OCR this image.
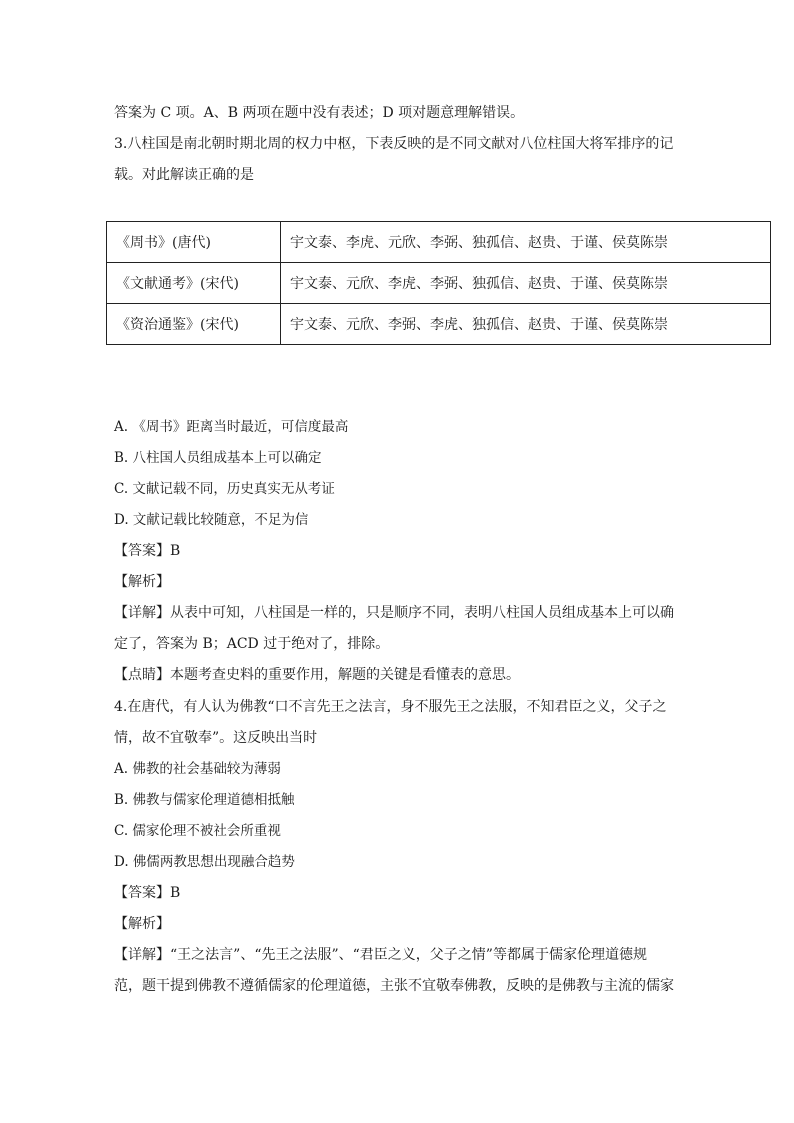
答案为 C 项。A、B 两项在题中没有表述；D 项对题意理解错误。
3.八柱国是南北朝时期北周的权力中枢，下表反映的是不同文献对八位柱国大将军排序的记
载。对此解读正确的是
《周书》(唐代)	宇文泰、李虎、元欣、李弼、独孤信、赵贵、于谨、侯莫陈崇
《文献通考》(宋代)	宇文泰、元欣、李虎、李弼、独孤信、赵贵、于谨、侯莫陈崇
《资治通鉴》(宋代)	宇文泰、元欣、李弼、李虎、独孤信、赵贵、于谨、侯莫陈崇
A. 《周书》距离当时最近，可信度最高
B. 八柱国人员组成基本上可以确定
C. 文献记载不同，历史真实无从考证
D. 文献记载比较随意，不足为信
【答案】B
【解析】
【详解】从表中可知，八柱国是一样的，只是顺序不同，表明八柱国人员组成基本上可以确
定了，答案为 B；ACD 过于绝对了，排除。
【点睛】本题考查史料的重要作用，解题的关键是看懂表的意思。
4.在唐代，有人认为佛教“口不言先王之法言，身不服先王之法服，不知君臣之义，父子之
情，故不宜敬奉”。这反映出当时
A. 佛教的社会基础较为薄弱
B. 佛教与儒家伦理道德相抵触
C. 儒家伦理不被社会所重视
D. 佛儒两教思想出现融合趋势
【答案】B
【解析】
【详解】“王之法言”、“先王之法服”、“君臣之义，父子之情”等都属于儒家伦理道德规
范，题干提到佛教不遵循儒家的伦理道德，主张不宜敬奉佛教，反映的是佛教与主流的儒家
